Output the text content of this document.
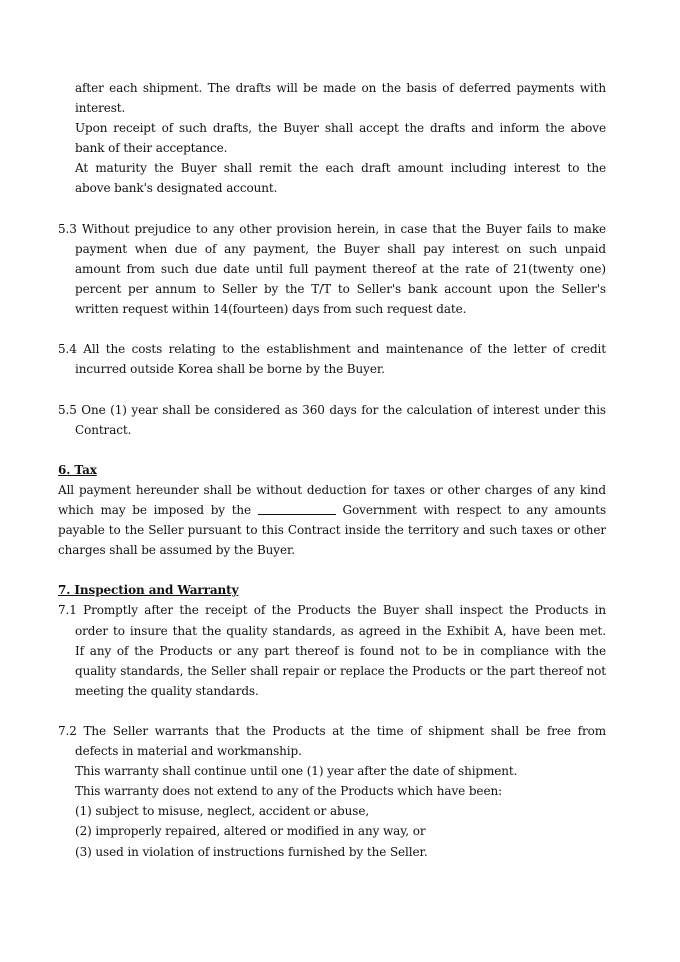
after each shipment. The drafts will be made on the basis of deferred payments with
interest.
Upon receipt of such drafts, the Buyer shall accept the drafts and inform the above
bank of their acceptance.
At maturity the Buyer shall remit the each draft amount including interest to the
above bank's designated account.
5.3 Without prejudice to any other provision herein, in case that the Buyer fails to make
payment when due of any payment, the Buyer shall pay interest on such unpaid
amount from such due date until full payment thereof at the rate of 21(twenty one)
percent per annum to Seller by the T/T to Seller's bank account upon the Seller's
written request within 14(fourteen) days from such request date.
5.4 All the costs relating to the establishment and maintenance of the letter of credit
incurred outside Korea shall be borne by the Buyer.
5.5 One (1) year shall be considered as 360 days for the calculation of interest under this
Contract.
6. Tax
All payment hereunder shall be without deduction for taxes or other charges of any kind
which may be imposed by the	Government with respect to any amounts
payable to the Seller pursuant to this Contract inside the territory and such taxes or other
charges shall be assumed by the Buyer.
7. Inspection and Warranty
7.1 Promptly after the receipt of the Products the Buyer shall inspect the Products in
order to insure that the quality standards, as agreed in the Exhibit A, have been met.
If any of the Products or any part thereof is found not to be in compliance with the
quality standards, the Seller shall repair or replace the Products or the part thereof not
meeting the quality standards.
7.2 The Seller warrants that the Products at the time of shipment shall be free from
defects in material and workmanship.
This warranty shall continue until one (1) year after the date of shipment.
This warranty does not extend to any of the Products which have been:
(1) subject to misuse, neglect, accident or abuse,
(2) improperly repaired, altered or modified in any way, or
(3) used in violation of instructions furnished by the Seller.
